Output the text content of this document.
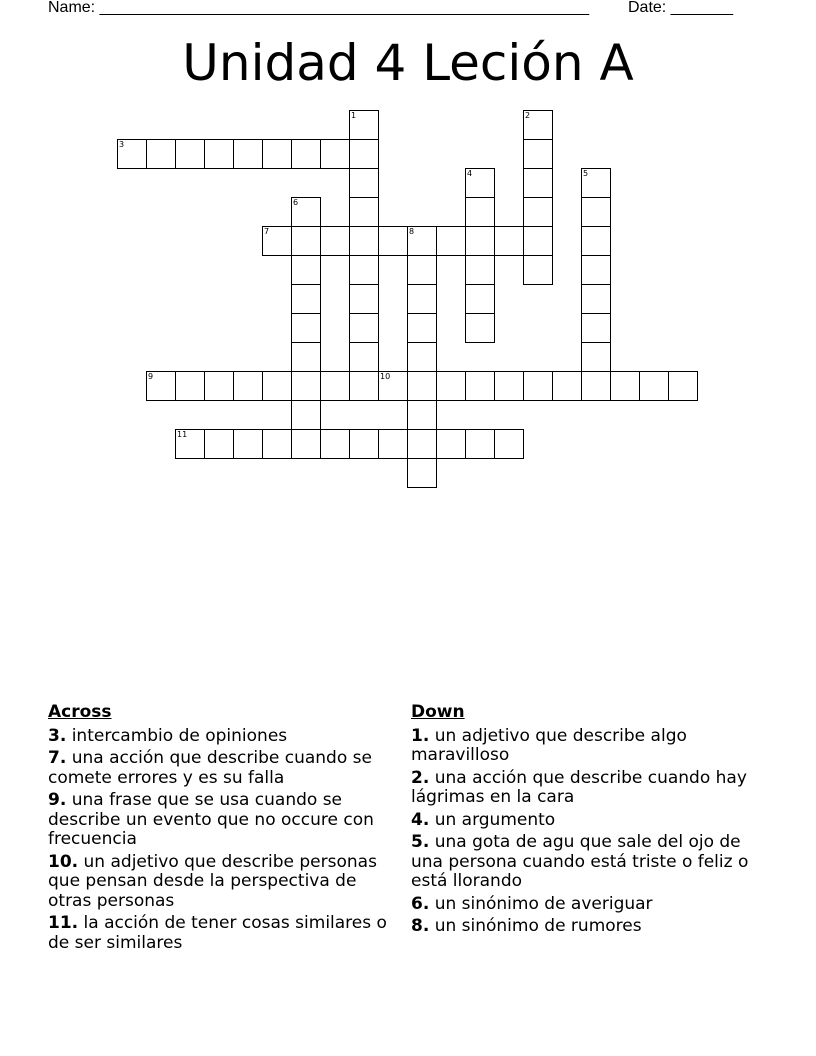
Name: _______________________________________________________ Date: _______
Unidad 4 Leción A
1	2
3
4	5
6
7	8
9	10
11
Across
3. intercambio de opiniones
7. una acción que describe cuando se comete errores y es su falla
9. una frase que se usa cuando se describe un evento que no occure con frecuencia
10. un adjetivo que describe personas que pensan desde la perspectiva de otras personas
11. la acción de tener cosas similares o de ser similares
Down
1. un adjetivo que describe algo maravilloso
2. una acción que describe cuando hay lágrimas en la cara
4. un argumento
5. una gota de agu que sale del ojo de una persona cuando está triste o feliz o está llorando
6. un sinónimo de averiguar
8. un sinónimo de rumores
